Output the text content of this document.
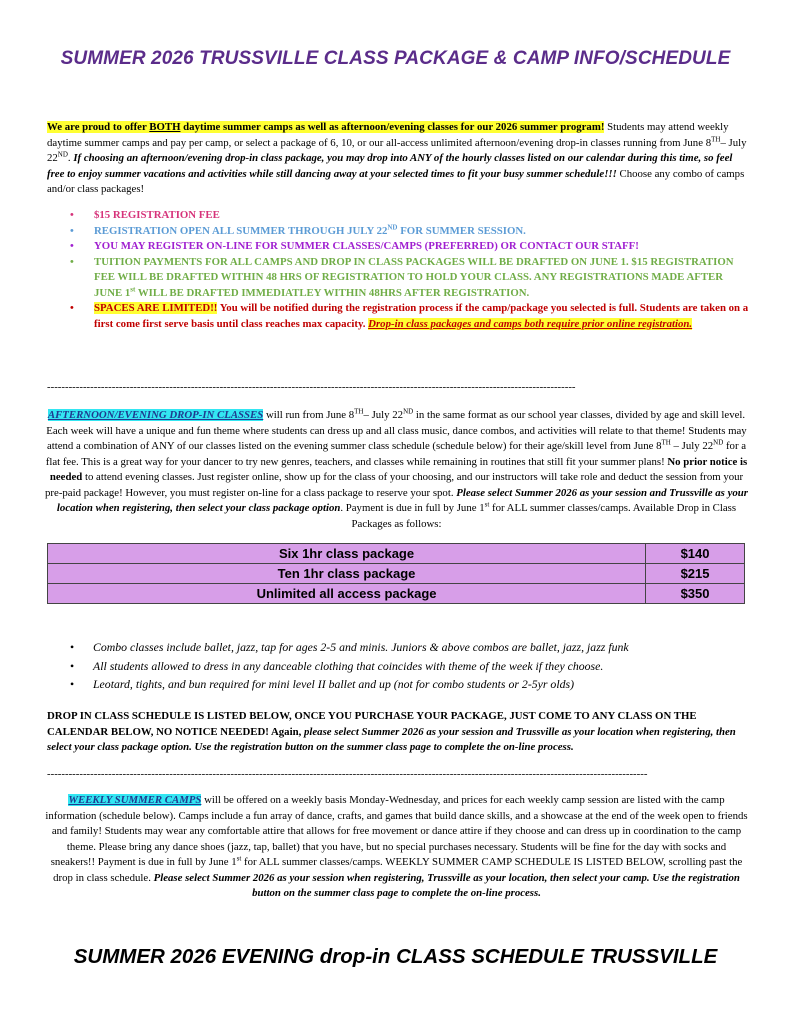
SUMMER 2026 TRUSSVILLE CLASS PACKAGE & CAMP INFO/SCHEDULE
We are proud to offer BOTH daytime summer camps as well as afternoon/evening classes for our 2026 summer program! Students may attend weekly daytime summer camps and pay per camp, or select a package of 6, 10, or our all-access unlimited afternoon/evening drop-in classes running from June 8TH– July 22ND. If choosing an afternoon/evening drop-in class package, you may drop into ANY of the hourly classes listed on our calendar during this time, so feel free to enjoy summer vacations and activities while still dancing away at your selected times to fit your busy summer schedule!!! Choose any combo of camps and/or class packages!
• $15 REGISTRATION FEE
• REGISTRATION OPEN ALL SUMMER THROUGH JULY 22ND FOR SUMMER SESSION.
• YOU MAY REGISTER ON-LINE FOR SUMMER CLASSES/CAMPS (PREFERRED) OR CONTACT OUR STAFF!
• TUITION PAYMENTS FOR ALL CAMPS AND DROP IN CLASS PACKAGES WILL BE DRAFTED ON JUNE 1. $15 REGISTRATION FEE WILL BE DRAFTED WITHIN 48 HRS OF REGISTRATION TO HOLD YOUR CLASS. ANY REGISTRATIONS MADE AFTER JUNE 1st WILL BE DRAFTED IMMEDIATLEY WITHIN 48HRS AFTER REGISTRATION.
• SPACES ARE LIMITED!! You will be notified during the registration process if the camp/package you selected is full. Students are taken on a first come first serve basis until class reaches max capacity. Drop-in class packages and camps both require prior online registration.
---------------------------------------------------------------------------------------------------------------------------------------------------
AFTERNOON/EVENING DROP-IN CLASSES will run from June 8TH– July 22ND in the same format as our school year classes, divided by age and skill level. Each week will have a unique and fun theme where students can dress up and all class music, dance combos, and activities will relate to that theme! Students may attend a combination of ANY of our classes listed on the evening summer class schedule (schedule below) for their age/skill level from June 8TH – July 22ND for a flat fee. This is a great way for your dancer to try new genres, teachers, and classes while remaining in routines that still fit your summer plans! No prior notice is needed to attend evening classes. Just register online, show up for the class of your choosing, and our instructors will take role and deduct the session from your pre-paid package! However, you must register on-line for a class package to reserve your spot. Please select Summer 2026 as your session and Trussville as your location when registering, then select your class package option. Payment is due in full by June 1st for ALL summer classes/camps. Available Drop in Class Packages as follows:
Six 1hr class package	$140
Ten 1hr class package	$215
Unlimited all access package	$350
• Combo classes include ballet, jazz, tap for ages 2-5 and minis. Juniors & above combos are ballet, jazz, jazz funk
• All students allowed to dress in any danceable clothing that coincides with theme of the week if they choose.
• Leotard, tights, and bun required for mini level II ballet and up (not for combo students or 2-5yr olds)
DROP IN CLASS SCHEDULE IS LISTED BELOW, ONCE YOU PURCHASE YOUR PACKAGE, JUST COME TO ANY CLASS ON THE CALENDAR BELOW, NO NOTICE NEEDED! Again, please select Summer 2026 as your session and Trussville as your location when registering, then select your class package option. Use the registration button on the summer class page to complete the on-line process.
-----------------------------------------------------------------------------------------------------------------------------------------------------------------------
WEEKLY SUMMER CAMPS will be offered on a weekly basis Monday-Wednesday, and prices for each weekly camp session are listed with the camp information (schedule below). Camps include a fun array of dance, crafts, and games that build dance skills, and a showcase at the end of the week open to friends and family! Students may wear any comfortable attire that allows for free movement or dance attire if they choose and can dress up in coordination to the camp theme. Please bring any dance shoes (jazz, tap, ballet) that you have, but no special purchases necessary. Students will be fine for the day with socks and sneakers!! Payment is due in full by June 1st for ALL summer classes/camps. WEEKLY SUMMER CAMP SCHEDULE IS LISTED BELOW, scrolling past the drop in class schedule. Please select Summer 2026 as your session when registering, Trussville as your location, then select your camp. Use the registration button on the summer class page to complete the on-line process.
SUMMER 2026 EVENING drop-in CLASS SCHEDULE TRUSSVILLE
